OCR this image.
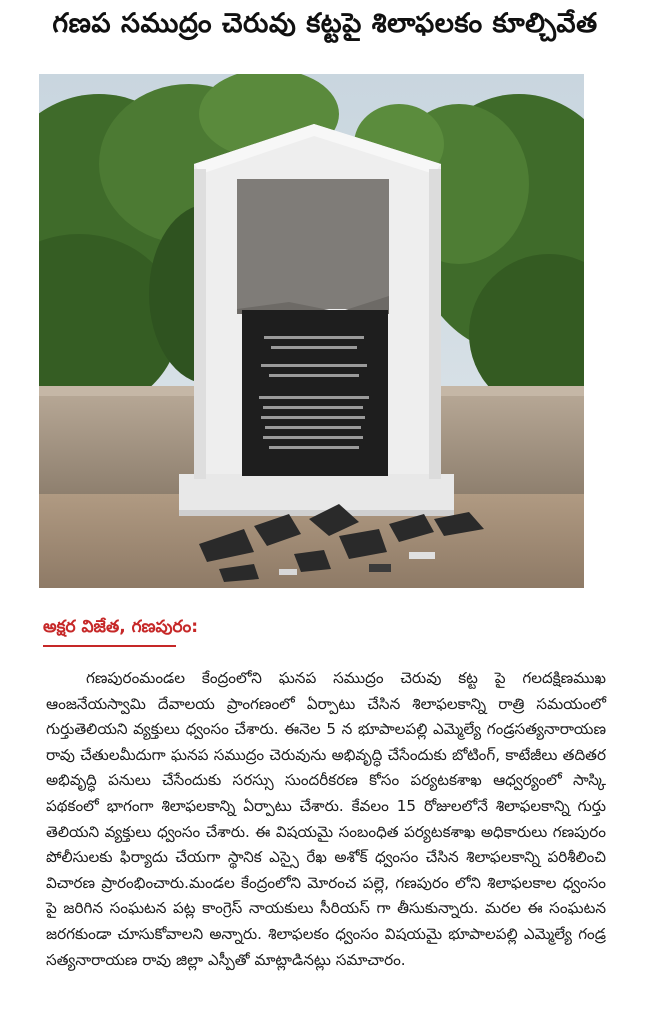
గణప సముద్రం చెరువు కట్టపై శిలాఫలకం కూల్చివేత
అక్షర విజేత, గణపురం:

గణపురంమండల కేంద్రంలోని ఘనప సముద్రం చెరువు కట్ట పై గలదక్షిణముఖ ఆంజనేయస్వామి దేవాలయ ప్రాంగణంలో ఏర్పాటు చేసిన శిలాఫలకాన్ని రాత్రి సమయంలో గుర్తుతెలియని వ్యక్తులు ధ్వంసం చేశారు. ఈనెల 5 న భూపాలపల్లి ఎమ్మెల్యే గండ్రసత్యనారాయణ రావు చేతులమీదుగా ఘనప సముద్రం చెరువును అభివృద్ధి చేసేందుకు బోటింగ్, కాటేజీలు తదితర అభివృద్ధి పనులు చేసేందుకు సరస్సు సుందరీకరణ కోసం పర్యటకశాఖ ఆధ్వర్యంలో సాస్కి పథకంలో భాగంగా శిలాఫలకాన్ని ఏర్పాటు చేశారు. కేవలం 15 రోజులలోనే శిలాఫలకాన్ని గుర్తు తెలియని వ్యక్తులు ధ్వంసం చేశారు. ఈ విషయమై సంబంధిత పర్యటకశాఖ అధికారులు గణపురం పోలీసులకు ఫిర్యాదు చేయగా స్థానిక ఎస్సై రేఖ అశోక్ ధ్వంసం చేసిన శిలాఫలకాన్ని పరిశీలించి విచారణ ప్రారంభించారు.మండల కేంద్రంలోని మోరంచ పల్లె, గణపురం లోని శిలాఫలకాల ధ్వంసం పై జరిగిన సంఘటన పట్ల కాంగ్రెస్ నాయకులు సీరియస్ గా తీసుకున్నారు. మరల ఈ సంఘటన జరగకుండా చూసుకోవాలని అన్నారు. శిలాఫలకం ధ్వంసం విషయమై భూపాలపల్లి ఎమ్మెల్యే గండ్ర సత్యనారాయణ రావు జిల్లా ఎస్పీతో మాట్లాడినట్లు సమాచారం.
